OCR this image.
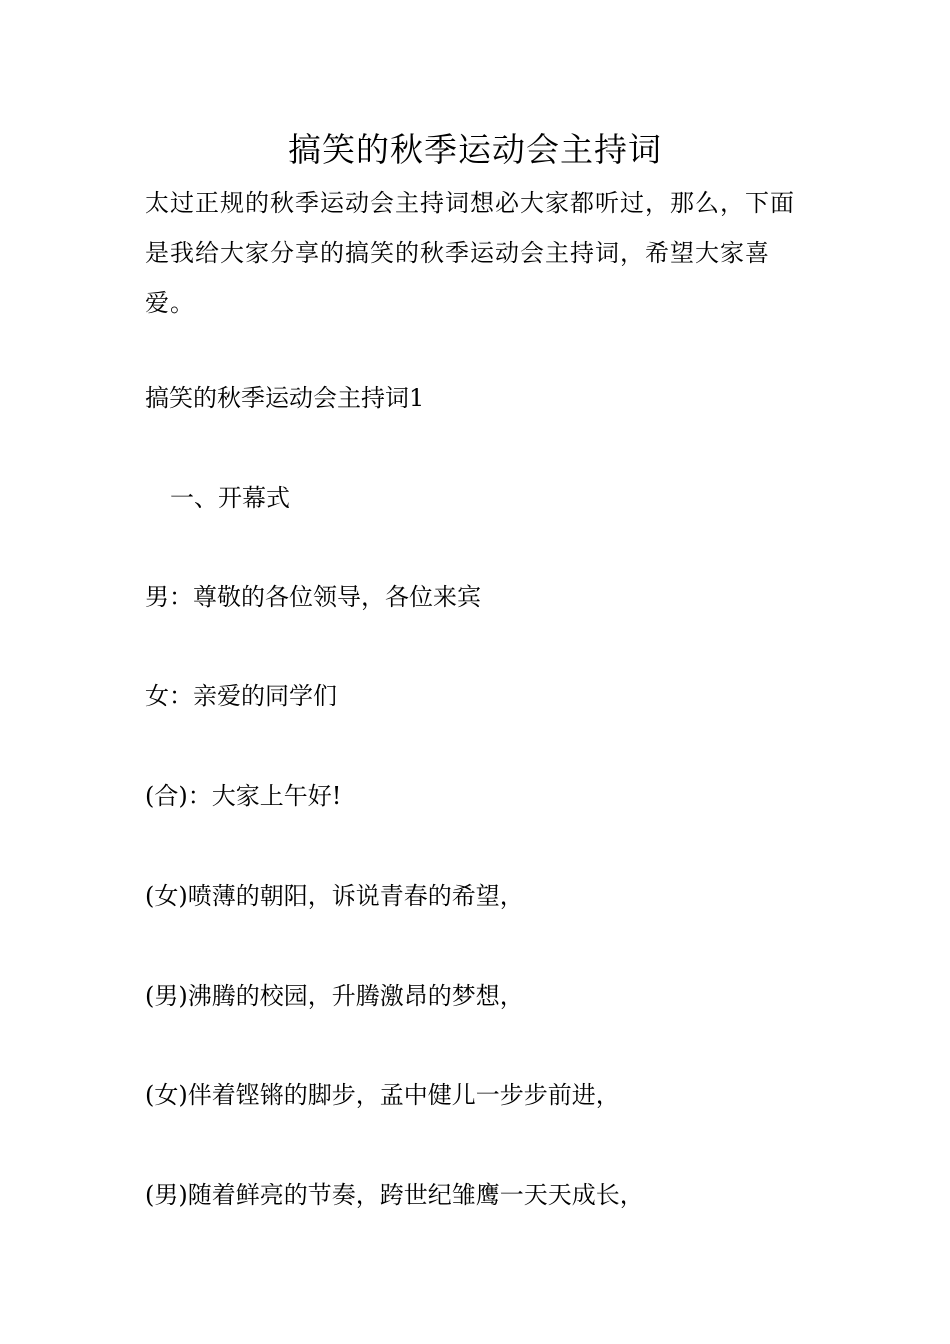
搞笑的秋季运动会主持词

太过正规的秋季运动会主持词想必大家都听过，那么，下面是我给大家分享的搞笑的秋季运动会主持词，希望大家喜爱。

搞笑的秋季运动会主持词1

一、开幕式

男：尊敬的各位领导，各位来宾

女：亲爱的同学们

(合)：大家上午好!

(女)喷薄的朝阳，诉说青春的希望，

(男)沸腾的校园，升腾激昂的梦想，

(女)伴着铿锵的脚步，孟中健儿一步步前进，

(男)随着鲜亮的节奏，跨世纪雏鹰一天天成长，
